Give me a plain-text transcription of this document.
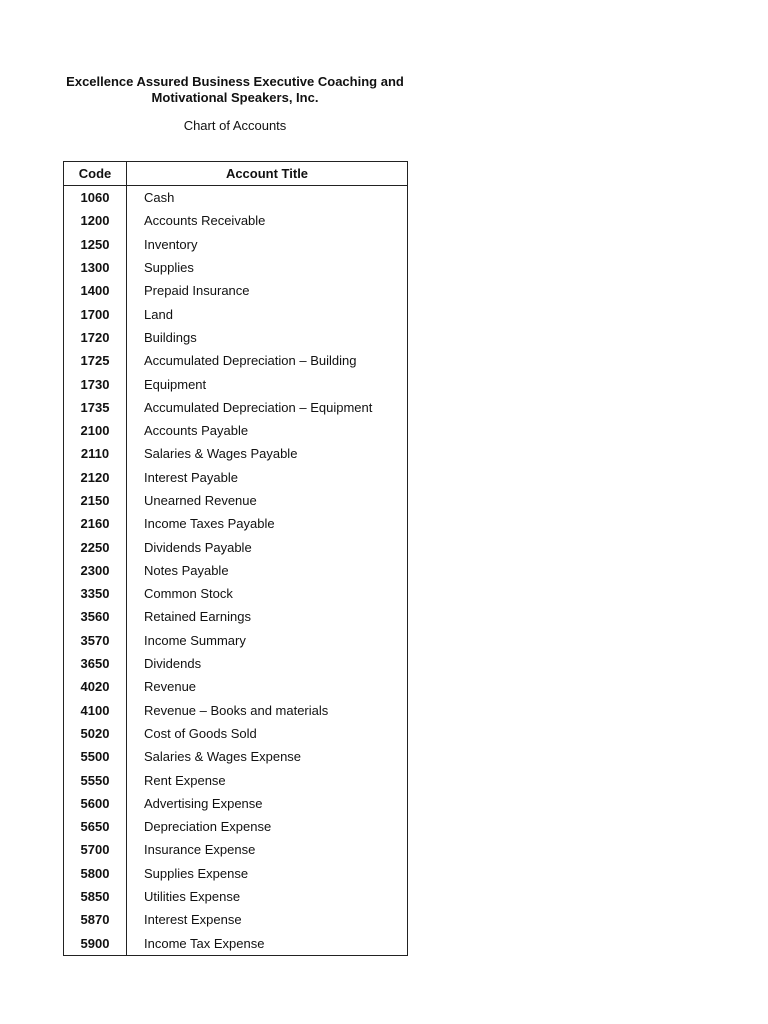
Excellence Assured Business Executive Coaching and
Motivational Speakers, Inc.
Chart of Accounts
Code	Account Title
1060	Cash
1200	Accounts Receivable
1250	Inventory
1300	Supplies
1400	Prepaid Insurance
1700	Land
1720	Buildings
1725	Accumulated Depreciation – Building
1730	Equipment
1735	Accumulated Depreciation – Equipment
2100	Accounts Payable
2110	Salaries & Wages Payable
2120	Interest Payable
2150	Unearned Revenue
2160	Income Taxes Payable
2250	Dividends Payable
2300	Notes Payable
3350	Common Stock
3560	Retained Earnings
3570	Income Summary
3650	Dividends
4020	Revenue
4100	Revenue – Books and materials
5020	Cost of Goods Sold
5500	Salaries & Wages Expense
5550	Rent Expense
5600	Advertising Expense
5650	Depreciation Expense
5700	Insurance Expense
5800	Supplies Expense
5850	Utilities Expense
5870	Interest Expense
5900	Income Tax Expense
